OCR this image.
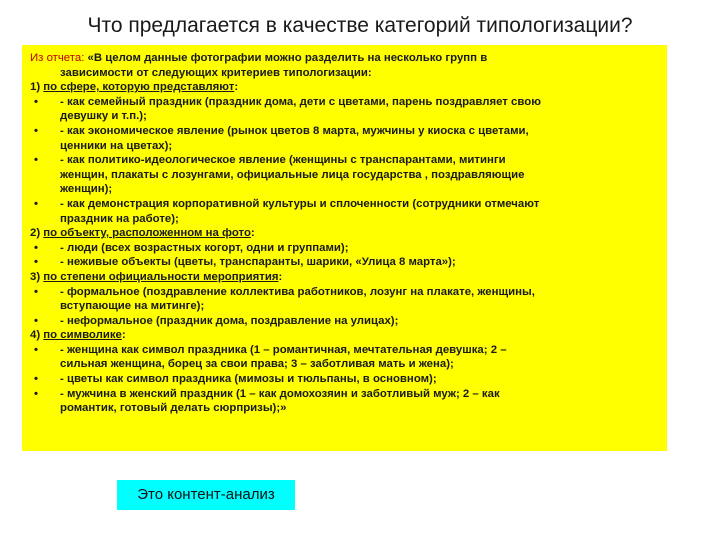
Что предлагается в качестве категорий типологизации?
Из отчета: «В целом данные фотографии можно разделить на несколько групп в
зависимости от следующих критериев типологизации:
1) по сфере, которую представляют:
• - как семейный праздник (праздник дома, дети с цветами, парень поздравляет свою
девушку и т.п.);
• - как экономическое явление (рынок цветов 8 марта, мужчины у киоска с цветами,
ценники на цветах);
• - как политико-идеологическое явление (женщины с транспарантами, митинги
женщин, плакаты с лозунгами, официальные лица государства , поздравляющие
женщин);
• - как демонстрация корпоративной культуры и сплоченности (сотрудники отмечают
праздник на работе);
2) по объекту, расположенном на фото:
• - люди (всех возрастных когорт, одни и группами);
• - неживые объекты (цветы, транспаранты, шарики, «Улица 8 марта»);
3) по степени официальности мероприятия:
• - формальное (поздравление коллектива работников, лозунг на плакате, женщины,
вступающие на митинге);
• - неформальное (праздник дома, поздравление на улицах);
4) по символике:
• - женщина как символ праздника (1 – романтичная, мечтательная девушка; 2 –
сильная женщина, борец за свои права; 3 – заботливая мать и жена);
• - цветы как символ праздника (мимозы и тюльпаны, в основном);
• - мужчина в женский праздник (1 – как домохозяин и заботливый муж; 2 – как
романтик, готовый делать сюрпризы);»
Это контент-анализ
